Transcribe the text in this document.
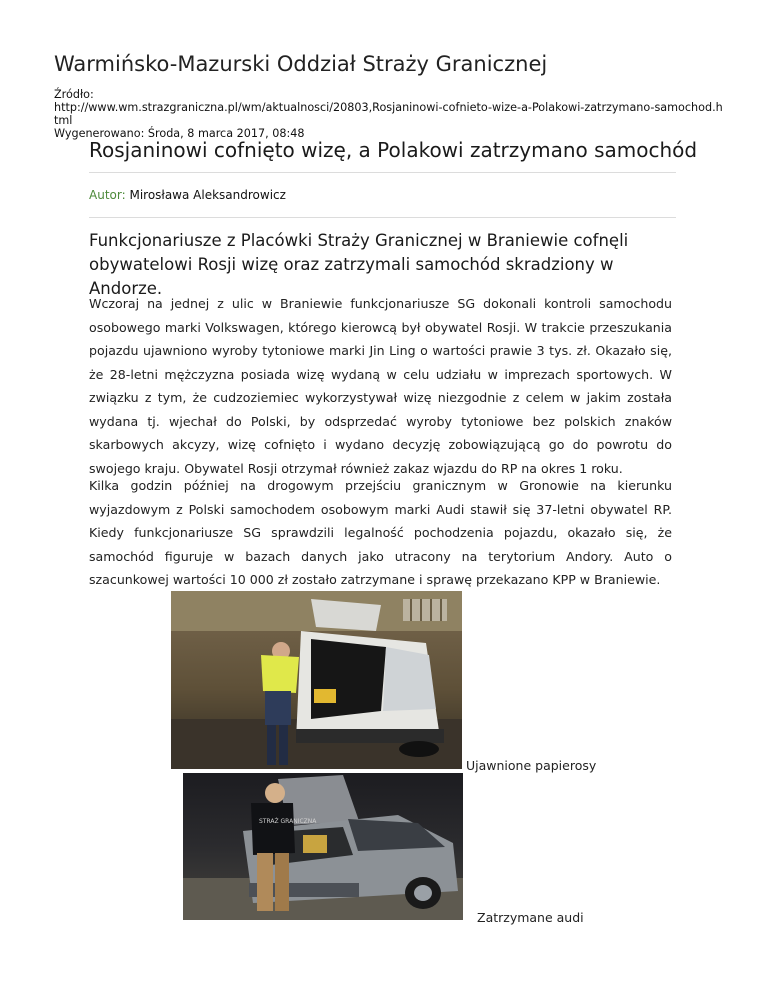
Warmińsko-Mazurski Oddział Straży Granicznej
Źródło:
http://www.wm.strazgraniczna.pl/wm/aktualnosci/20803,Rosjaninowi-cofnieto-wize-a-Polakowi-zatrzymano-samochod.html
Wygenerowano: Środa, 8 marca 2017, 08:48
Rosjaninowi cofnięto wizę, a Polakowi zatrzymano samochód
Autor: Mirosława Aleksandrowicz

Funkcjonariusze z Placówki Straży Granicznej w Braniewie cofnęli obywatelowi Rosji wizę oraz zatrzymali samochód skradziony w Andorze.

Wczoraj na jednej z ulic w Braniewie funkcjonariusze SG dokonali kontroli samochodu osobowego marki Volkswagen, którego kierowcą był obywatel Rosji. W trakcie przeszukania pojazdu ujawniono wyroby tytoniowe marki Jin Ling o wartości prawie 3 tys. zł. Okazało się, że 28-letni mężczyzna posiada wizę wydaną w celu udziału w imprezach sportowych. W związku z tym, że cudzoziemiec wykorzystywał wizę niezgodnie z celem w jakim została wydana tj. wjechał do Polski, by odsprzedać wyroby tytoniowe bez polskich znaków skarbowych akcyzy, wizę cofnięto i wydano decyzję zobowiązującą go do powrotu do swojego kraju. Obywatel Rosji otrzymał również zakaz wjazdu do RP na okres 1 roku.

Kilka godzin później na drogowym przejściu granicznym w Gronowie na kierunku wyjazdowym z Polski samochodem osobowym marki Audi stawił się 37-letni obywatel RP. Kiedy funkcjonariusze SG sprawdzili legalność pochodzenia pojazdu, okazało się, że samochód figuruje w bazach danych jako utracony na terytorium Andory. Auto o szacunkowej wartości 10 000 zł zostało zatrzymane i sprawę przekazano KPP w Braniewie.

Ujawnione papierosy
STRAŻ GRANICZNA
Zatrzymane audi
